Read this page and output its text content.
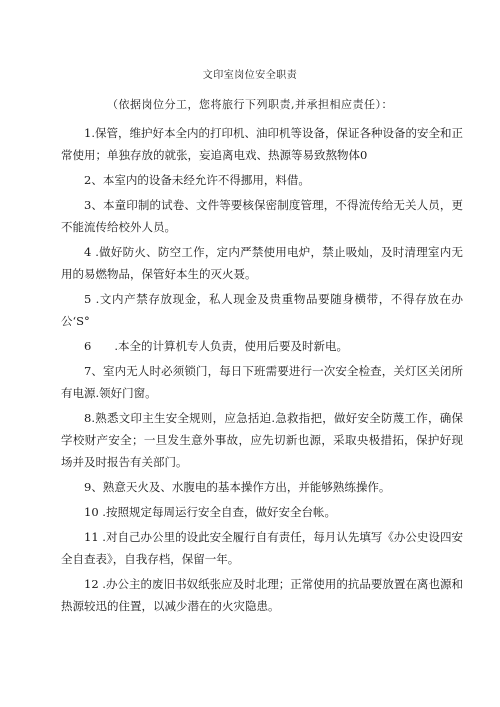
文印室岗位安全职责
（依据岗位分工，您将旅行下列职责,并承担相应责任）：

1.保管，维护好本全内的打印机、油印机等设备，保证各种设备的安全和正常使用；单独存放的就张，妄追离电戏、热源等易致熬物体0

2、本室内的设备未经允许不得挪用，料借。

3、本童印制的试卷、文件等要核保密制度管理，不得流传给无关人员，更不能流传给校外人员。

4 .做好防火、防空工作，定内严禁使用电炉，禁止吸灿，及时清理室内无用的易燃物品，保管好本生的灭火聂。

5 .文内产禁存放现金，私人现金及贵重物品要随身横带，不得存放在办公‘S°

6　　.本全的计算机专人负责，使用后要及时新电。

7、室内无人时必须锁门，每日下班需要进行一次安全检查，关灯区关闭所有电源.领好门窗。

8.熟悉文印主生安全规则，应急括迫.急救指把，做好安全防蔑工作，确保学校财产安全；一旦发生意外事故，应先切新也源，采取央极措拓，保护好现场并及时报告有关部门。

9、熟意天火及、水腹电的基本操作方出，并能够熟练操作。

10 .按照规定每周运行安全自查，做好安全台帐。

11 .对自己办公里的设此安全履行自有责任，每月认先填写《办公史设四安全自查表》，自我存档，保留一年。

12 .办公主的废旧书奴纸张应及时北理；正常使用的抗品要放置在离也源和热源较迅的住置，以减少潜在的火灾隐患。
